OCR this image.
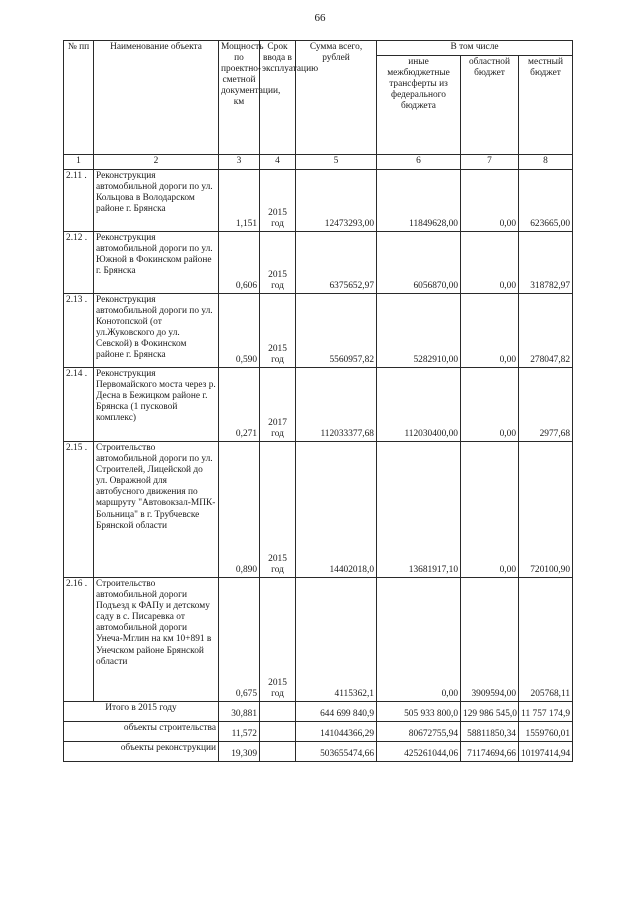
66
№ пп	Наименование объекта	Мощность по проектно-сметной документации, км	Срок ввода в эксплуатацию	Сумма всего, рублей	В том числе		
					иные межбюджетные трансферты из федерального бюджета	областной бюджет	местный бюджет
1	2	3	4	5	6	7	8
2.11 .	Реконструкция автомобильной дороги по ул. Кольцова в Володарском районе г. Брянска	1,151	2015 год	12473293,00	11849628,00	0,00	623665,00
2.12 .	Реконструкция автомобильной дороги по ул. Южной в Фокинском районе г. Брянска	0,606	2015 год	6375652,97	6056870,00	0,00	318782,97
2.13 .	Реконструкция автомобильной дороги по ул. Конотопской (от ул.Жуковского до ул. Севской) в Фокинском районе г. Брянска	0,590	2015 год	5560957,82	5282910,00	0,00	278047,82
2.14 .	Реконструкция Первомайского моста через р. Десна в Бежицком районе г. Брянска (1 пусковой комплекс)	0,271	2017 год	112033377,68	112030400,00	0,00	2977,68
2.15 .	Строительство автомобильной дороги по ул. Строителей, Лицейской до ул. Овражной для автобусного движения по маршруту "Автовокзал-МПК-Больница" в г. Трубчевске Брянской области	0,890	2015 год	14402018,0	13681917,10	0,00	720100,90
2.16 .	Строительство автомобильной дороги Подъезд к ФАПу и детскому саду в с. Писаревка от автомобильной дороги Унеча-Мглин на км 10+891 в Унечском районе Брянской области	0,675	2015 год	4115362,1	0,00	3909594,00	205768,11
Итого в 2015 году		30,881		644 699 840,9	505 933 800,0	129 986 545,0	11 757 174,9
объекты строительства		11,572		141044366,29	80672755,94	58811850,34	1559760,01
объекты реконструкции		19,309		503655474,66	425261044,06	71174694,66	10197414,94
